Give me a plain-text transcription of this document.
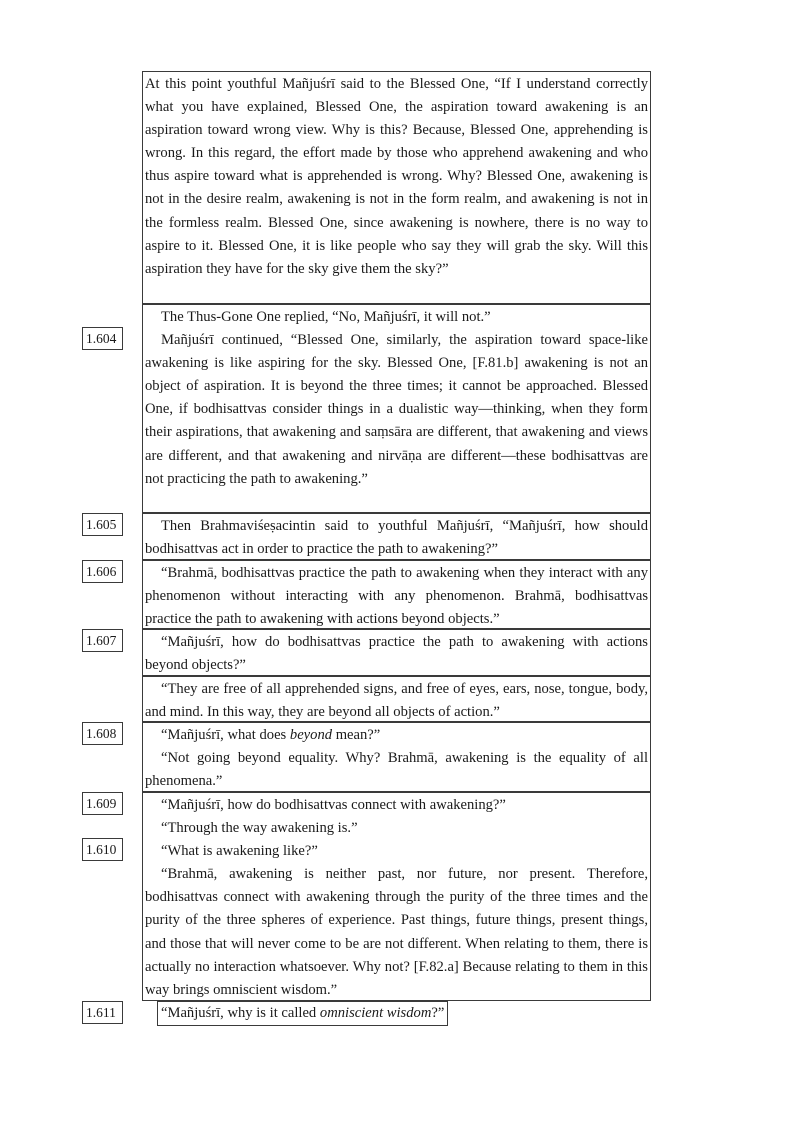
1.604
1.605
1.606
1.607
1.608
1.609
1.610
1.611

At this point youthful Mañjuśrī said to the Blessed One, “If I understand correctly what you have explained, Blessed One, the aspiration toward awakening is an aspiration toward wrong view. Why is this? Because, Blessed One, apprehending is wrong. In this regard, the effort made by those who apprehend awakening and who thus aspire toward what is apprehended is wrong. Why? Blessed One, awakening is not in the desire realm, awakening is not in the form realm, and awakening is not in the formless realm. Blessed One, since awakening is nowhere, there is no way to aspire to it. Blessed One, it is like people who say they will grab the sky. Will this aspiration they have for the sky give them the sky?”

The Thus-Gone One replied, “No, Mañjuśrī, it will not.”

Mañjuśrī continued, “Blessed One, similarly, the aspiration toward space-like awakening is like aspiring for the sky. Blessed One, [F.81.b] awakening is not an object of aspiration. It is beyond the three times; it cannot be approached. Blessed One, if bodhisattvas consider things in a dualistic way—thinking, when they form their aspirations, that awakening and saṃsāra are different, that awakening and views are different, and that awakening and nirvāṇa are different—these bodhisattvas are not practicing the path to awakening.”

Then Brahmaviśeṣacintin said to youthful Mañjuśrī, “Mañjuśrī, how should bodhisattvas act in order to practice the path to awakening?”

“Brahmā, bodhisattvas practice the path to awakening when they interact with any phenomenon without interacting with any phenomenon. Brahmā, bodhisattvas practice the path to awakening with actions beyond objects.”

“Mañjuśrī, how do bodhisattvas practice the path to awakening with actions beyond objects?”

“They are free of all apprehended signs, and free of eyes, ears, nose, tongue, body, and mind. In this way, they are beyond all objects of action.”

“Mañjuśrī, what does beyond mean?”

“Not going beyond equality. Why? Brahmā, awakening is the equality of all phenomena.”

“Mañjuśrī, how do bodhisattvas connect with awakening?”

“Through the way awakening is.”

“What is awakening like?”

“Brahmā, awakening is neither past, nor future, nor present. Therefore, bodhisattvas connect with awakening through the purity of the three times and the purity of the three spheres of experience. Past things, future things, present things, and those that will never come to be are not different. When relating to them, there is actually no interaction whatsoever. Why not? [F.82.a] Because relating to them in this way brings omniscient wisdom.”

“Mañjuśrī, why is it called omniscient wisdom?”
